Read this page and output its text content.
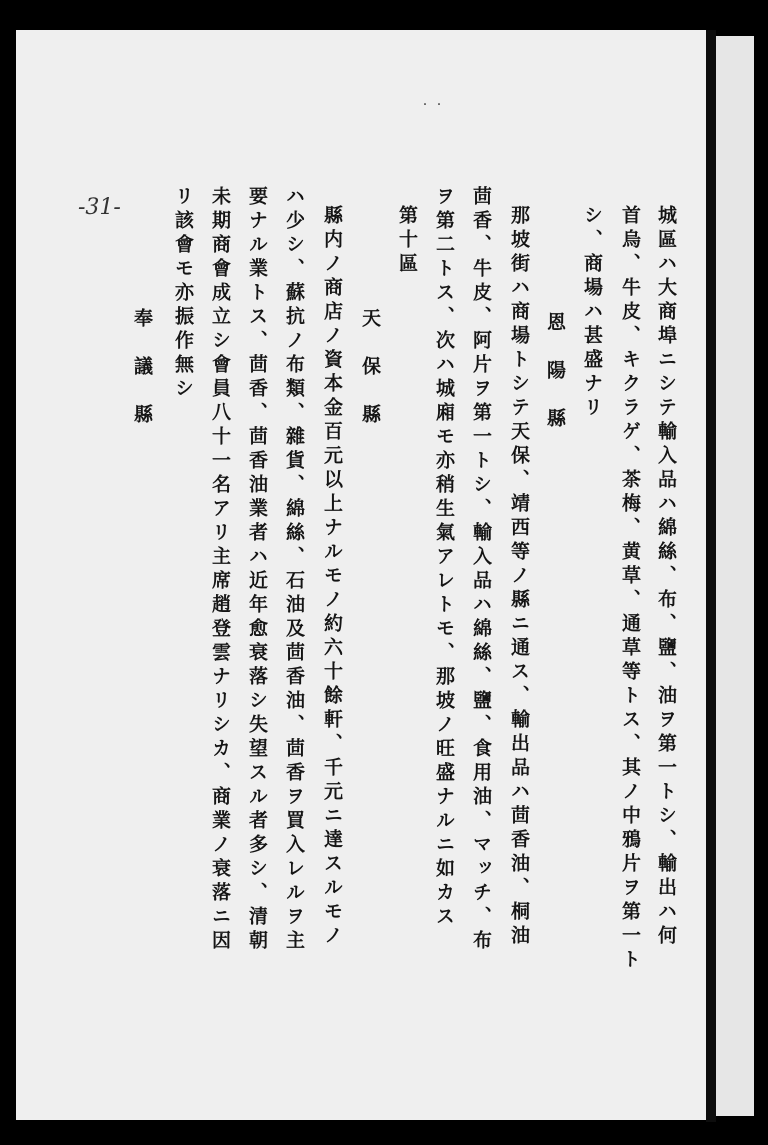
・・
-31-	城區ハ大商埠ニシテ輸入品ハ綿絲、布、鹽、油ヲ第一トシ、輸出ハ何
首烏、牛皮、キクラゲ、茶梅、黄草、通草等トス、其ノ中鴉片ヲ第一ト
シ、商場ハ甚盛ナリ
恩　陽　縣
那坡街ハ商場トシテ天保、靖西等ノ縣ニ通ス、輸出品ハ茴香油、桐油
茴香、牛皮、阿片ヲ第一トシ、輸入品ハ綿絲、鹽、食用油、マッチ、布
ヲ第二トス、次ハ城廂モ亦稍生氣アレトモ、那坡ノ旺盛ナルニ如カス
第十區
天　保　縣
縣内ノ商店ノ資本金百元以上ナルモノ約六十餘軒、千元ニ達スルモノ
ハ少シ、蘇抗ノ布類、雜貨、綿絲、石油及茴香油、茴香ヲ買入レルヲ主
要ナル業トス、茴香、茴香油業者ハ近年愈衰落シ失望スル者多シ、清朝
未期商會成立シ會員八十一名アリ主席趙登雲ナリシカ、商業ノ衰落ニ因
リ該會モ亦振作無シ
奉　議　縣
